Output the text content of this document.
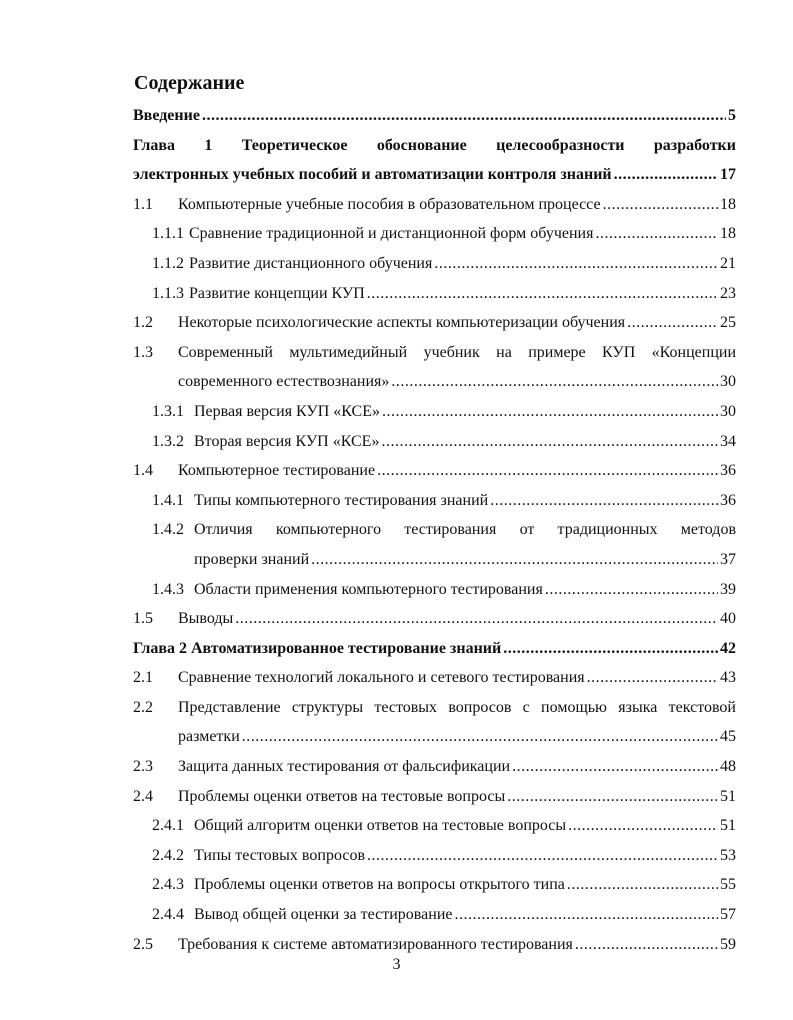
Содержание
Введение .....	5
Глава 1 Теоретическое обоснование целесообразности разработки
электронных учебных пособий и автоматизации контроля знаний .....	17
1.1	Компьютерные учебные пособия в образовательном процессе .....	18
1.1.1 Сравнение традиционной и дистанционной форм обучения .....	18
1.1.2 Развитие дистанционного обучения .....	21
1.1.3 Развитие концепции КУП .....	23
1.2	Некоторые психологические аспекты компьютеризации обучения .....	25
1.3	Современный мультимедийный учебник на примере КУП «Концепции
современного естествознания» .....	30
1.3.1 Первая версия КУП «КСЕ» .....	30
1.3.2 Вторая версия КУП «КСЕ» .....	34
1.4	Компьютерное тестирование .....	36
1.4.1 Типы компьютерного тестирования знаний .....	36
1.4.2 Отличия компьютерного тестирования от традиционных методов
проверки знаний .....	37
1.4.3 Области применения компьютерного тестирования .....	39
1.5	Выводы .....	40
Глава 2 Автоматизированное тестирование знаний .....	42
2.1	Сравнение технологий локального и сетевого тестирования .....	43
2.2	Представление структуры тестовых вопросов с помощью языка текстовой
разметки .....	45
2.3	Защита данных тестирования от фальсификации .....	48
2.4	Проблемы оценки ответов на тестовые вопросы .....	51
2.4.1 Общий алгоритм оценки ответов на тестовые вопросы .....	51
2.4.2 Типы тестовых вопросов .....	53
2.4.3 Проблемы оценки ответов на вопросы открытого типа .....	55
2.4.4 Вывод общей оценки за тестирование .....	57
2.5	Требования к системе автоматизированного тестирования .....	59
3
